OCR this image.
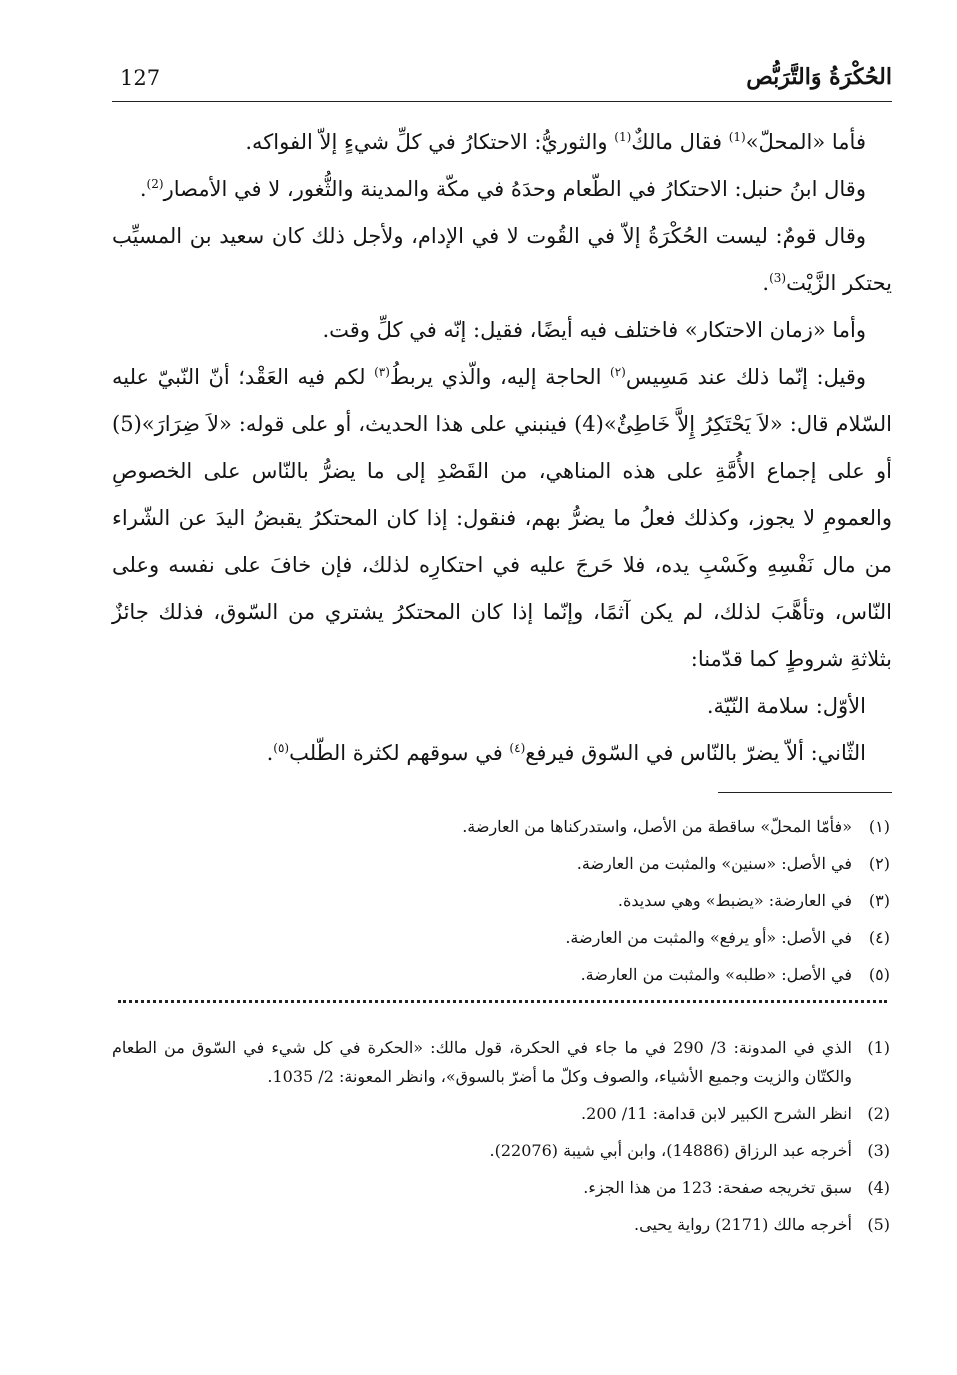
127	الحُكْرَةُ وَالتَّرَبُّص

فأما «المحلّ»$^{(1)}$ فقال مالكٌ$^{(1)}$ والثوريُّ: الاحتكارُ في كلِّ شيءٍ إلاّ الفواكه.

وقال ابنُ حنبل: الاحتكارُ في الطّعام وحدَهُ في مكّة والمدينة والثُّغور، لا في الأمصار$^{(2)}$.

وقال قومٌ: ليست الحُكْرَةُ إلاّ في القُوت لا في الإدام، ولأجل ذلك كان سعيد بن المسيِّب يحتكر الزَّيْت$^{(3)}$.

وأما «زمان الاحتكار» فاختلف فيه أيضًا، فقيل: إنّه في كلِّ وقت.

وقيل: إنّما ذلك عند مَسِيس$^{(٢)}$ الحاجة إليه، والّذي يربطُ$^{(٣)}$ لكم فيه العَقْد؛ أنّ النّبيّ عليه السّلام قال: «لاَ يَحْتَكِرُ إِلاَّ خَاطِئٌ»(4) فينبني على هذا الحديث، أو على قوله: «لاَ ضِرَارَ»(5) أو على إجماع الأُمَّةِ على هذه المناهي، من القَصْدِ إلى ما يضرُّ بالنّاس على الخصوصِ والعمومِ لا يجوز، وكذلك فعلُ ما يضرُّ بهم، فنقول: إذا كان المحتكرُ يقبضُ اليدَ عن الشّراء من مال نَفْسِهِ وكَسْبِ يده، فلا حَرجَ عليه في احتكارِه لذلك، فإن خافَ على نفسه وعلى النّاس، وتأهَّبَ لذلك، لم يكن آثمًا، وإنّما إذا كان المحتكرُ يشتري من السّوق، فذلك جائزٌ بثلاثةِ شروطٍ كما قدّمنا:

الأوّل: سلامة النّيّة.

الثّاني: ألاّ يضرّ بالنّاس في السّوق فيرفع$^{(٤)}$ في سوقهم لكثرة الطّلب$^{(٥)}$.

(١)
«فأمّا المحلّ» ساقطة من الأصل، واستدركناها من العارضة.
(٢)
في الأصل: «سنين» والمثبت من العارضة.
(٣)
في العارضة: «يضبط» وهي سديدة.
(٤)
في الأصل: «أو يرفع» والمثبت من العارضة.
(٥)
في الأصل: «طلبه» والمثبت من العارضة.
(1)
الذي في المدونة: 3/ 290 في ما جاء في الحكرة، قول مالك: «الحكرة في كل شيء في السّوق من الطعام والكتّان والزيت وجميع الأشياء، والصوف وكلّ ما أضرّ بالسوق»، وانظر المعونة: 2/ 1035.
(2)
انظر الشرح الكبير لابن قدامة: 11/ 200.
(3)
أخرجه عبد الرزاق (14886)، وابن أبي شيبة (22076).
(4)
سبق تخريجه صفحة: 123 من هذا الجزء.
(5)
أخرجه مالك (2171) رواية يحيى.
